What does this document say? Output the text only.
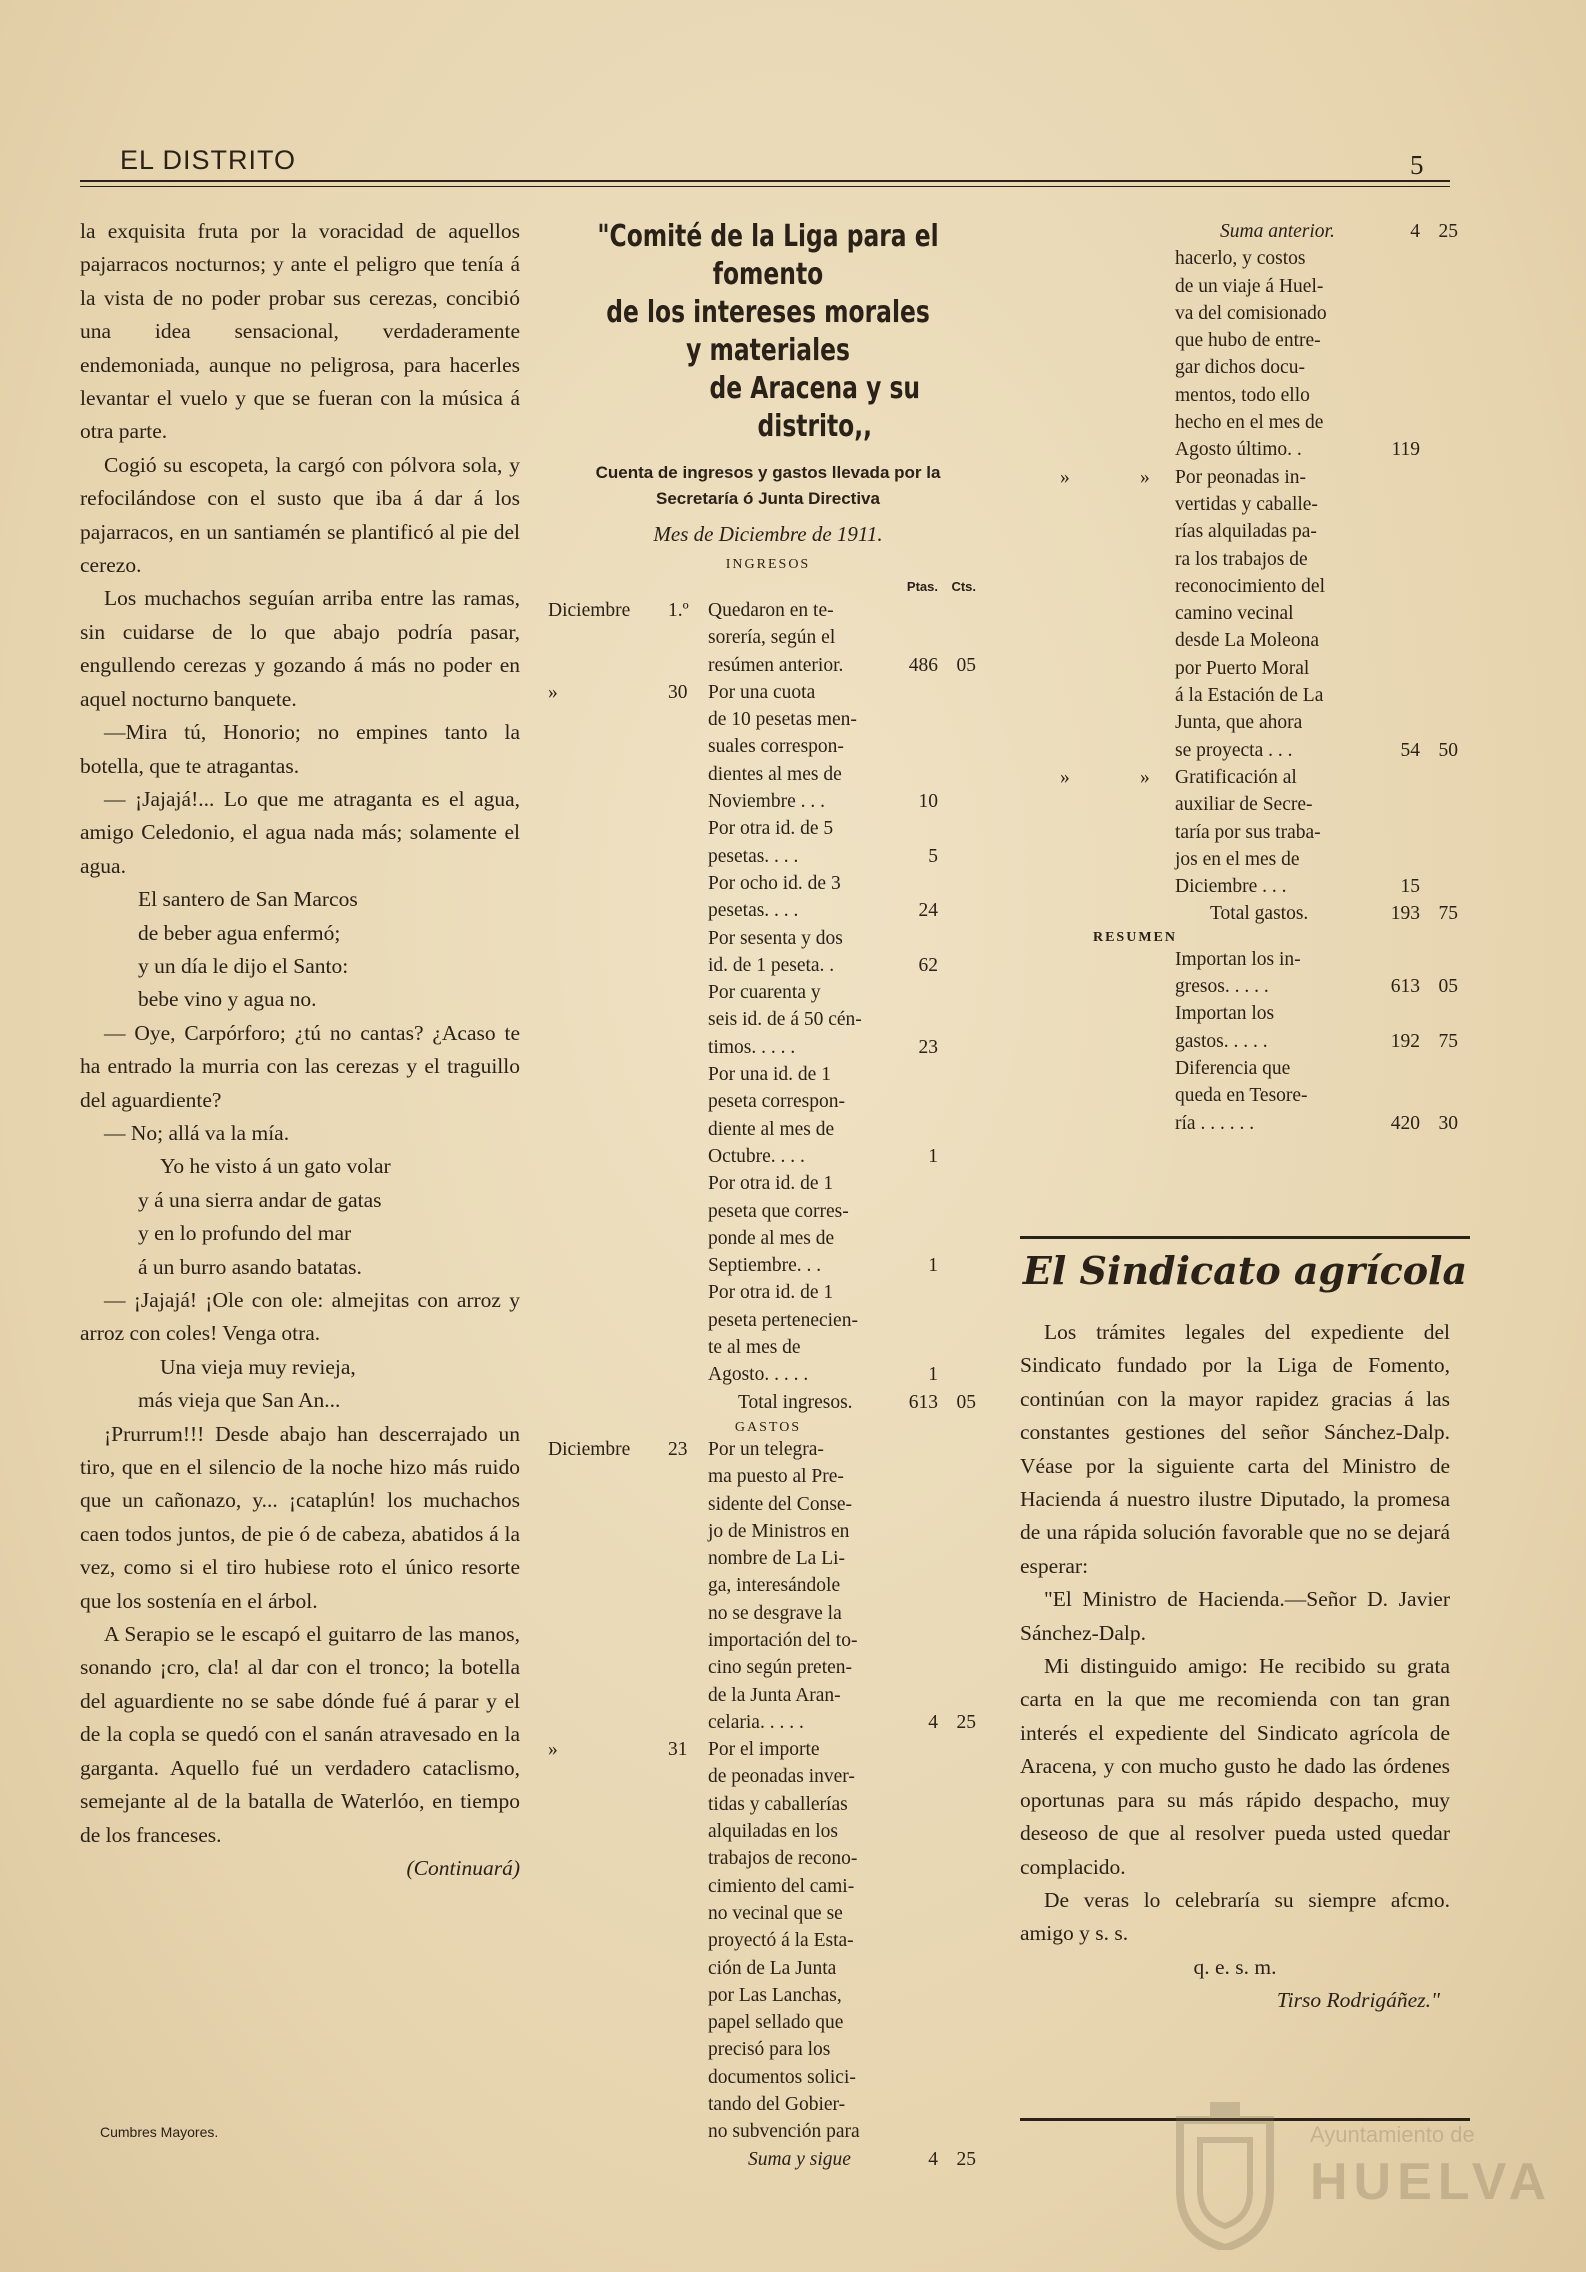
EL DISTRITO	5

la exquisita fruta por la voracidad de aquellos pajarracos nocturnos; y ante el peligro que tenía á la vista de no poder probar sus cerezas, concibió una idea sensacional, verdaderamente endemoniada, aunque no peligrosa, para hacerles levantar el vuelo y que se fueran con la música á otra parte.

Cogió su escopeta, la cargó con pólvora sola, y refocilándose con el susto que iba á dar á los pajarracos, en un santiamén se plantificó al pie del cerezo.

Los muchachos seguían arriba entre las ramas, sin cuidarse de lo que abajo podría pasar, engullendo cerezas y gozando á más no poder en aquel nocturno banquete.

—Mira tú, Honorio; no empines tanto la botella, que te atragantas.

— ¡Jajajá!... Lo que me atraganta es el agua, amigo Celedonio, el agua nada más; solamente el agua.

El santero de San Marcos

de beber agua enfermó;

y un día le dijo el Santo:

bebe vino y agua no.

— Oye, Carpórforo; ¿tú no cantas? ¿Acaso te ha entrado la murria con las cerezas y el traguillo del aguardiente?

— No; allá va la mía.

Yo he visto á un gato volar

y á una sierra andar de gatas

y en lo profundo del mar

á un burro asando batatas.

— ¡Jajajá! ¡Ole con ole: almejitas con arroz y arroz con coles! Venga otra.

Una vieja muy revieja,

más vieja que San An...

¡Prurrum!!! Desde abajo han descerrajado un tiro, que en el silencio de la noche hizo más ruido que un cañonazo, y... ¡cataplún! los muchachos caen todos juntos, de pie ó de cabeza, abatidos á la vez, como si el tiro hubiese roto el único resorte que los sostenía en el árbol.

A Serapio se le escapó el guitarro de las manos, sonando ¡cro, cla! al dar con el tronco; la botella del aguardiente no se sabe dónde fué á parar y el de la copla se quedó con el sanán atravesado en la garganta. Aquello fué un verdadero cataclismo, semejante al de la batalla de Waterlóo, en tiempo de los franceses.

(Continuará)

Cumbres Mayores.
"Comité de la Liga para el fomento
de los intereses morales y materiales
de Aracena y su distrito,,
Cuenta de ingresos y gastos llevada por la
Secretaría ó Junta Directiva
Mes de Diciembre de 1911.
INGRESOS
Ptas. Cts.
Diciembre 1.º Quedaron en te-
sorería, según el
resúmen anterior.	486 05
»	30 Por una cuota
de 10 pesetas men-
suales correspon-
dientes al mes de
Noviembre . . .	10
Por otra id. de 5
pesetas. . . .	5
Por ocho id. de 3
pesetas. . . .	24
Por sesenta y dos
id. de 1 peseta. .	62
Por cuarenta y
seis id. de á 50 cén-
timos. . . . .	23
Por una id. de 1
peseta correspon-
diente al mes de
Octubre. . . .	1
Por otra id. de 1
peseta que corres-
ponde al mes de
Septiembre. . .	1
Por otra id. de 1
peseta pertenecien-
te al mes de
Agosto. . . . .	1
Total ingresos.	613 05
GASTOS
Diciembre 23 Por un telegra-
ma puesto al Pre-
sidente del Conse-
jo de Ministros en
nombre de La Li-
ga, interesándole
no se desgrave la
importación del to-
cino según preten-
de la Junta Aran-
celaria. . . . .	4 25
»	31 Por el importe
de peonadas inver-
tidas y caballerías
alquiladas en los
trabajos de recono-
cimiento del cami-
no vecinal que se
proyectó á la Esta-
ción de La Junta
por Las Lanchas,
papel sellado que
precisó para los
documentos solici-
tando del Gobier-
no subvención para
Suma y sigue	4 25
Suma anterior.	4 25
hacerlo, y costos
de un viaje á Huel-
va del comisionado
que hubo de entre-
gar dichos docu-
mentos, todo ello
hecho en el mes de
Agosto último. .	119
»	» Por peonadas in-
vertidas y caballe-
rías alquiladas pa-
ra los trabajos de
reconocimiento del
camino vecinal
desde La Moleona
por Puerto Moral
á la Estación de La
Junta, que ahora
se proyecta . . .	54 50
»	» Gratificación al
auxiliar de Secre-
taría por sus traba-
jos en el mes de
Diciembre . . .	15
Total gastos.	193 75
RESUMEN
Importan los in-
gresos. . . . .	613 05
Importan los
gastos. . . . .	192 75
Diferencia que
queda en Tesore-
ría . . . . . .	420 30
El Sindicato agrícola

Los trámites legales del expediente del Sindicato fundado por la Liga de Fomento, continúan con la mayor rapidez gracias á las constantes gestiones del señor Sánchez-Dalp. Véase por la siguiente carta del Ministro de Hacienda á nuestro ilustre Diputado, la promesa de una rápida solución favorable que no se dejará esperar:

"El Ministro de Hacienda.—Señor D. Javier Sánchez-Dalp.

Mi distinguido amigo: He recibido su grata carta en la que me recomienda con tan gran interés el expediente del Sindicato agrícola de Aracena, y con mucho gusto he dado las órdenes oportunas para su más rápido despacho, muy deseoso de que al resolver pueda usted quedar complacido.

De veras lo celebraría su siempre afcmo. amigo y s. s.

q. e. s. m.

Tirso Rodrigáñez."

Ayuntamiento de
HUELVA
